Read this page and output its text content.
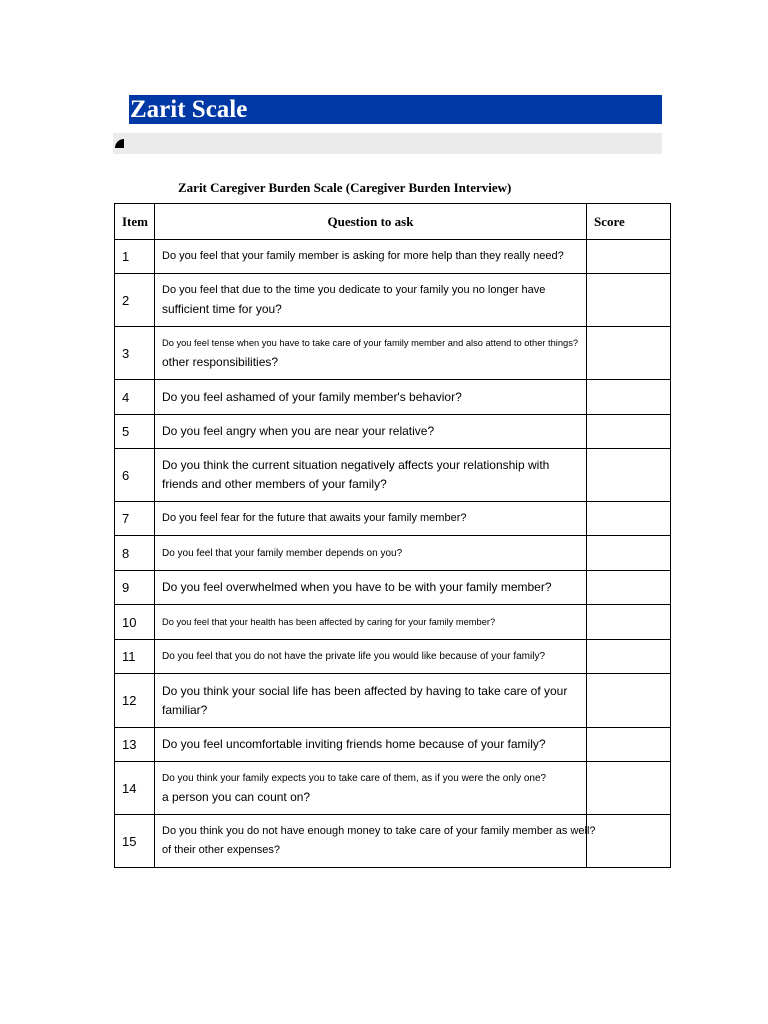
Zarit Scale
Zarit Caregiver Burden Scale (Caregiver Burden Interview)
Item	Question to ask	Score
1	Do you feel that your family member is asking for more help than they really need?	

2	Do you feel that due to the time you dedicate to your family you no longer have
sufficient time for you?	

3	Do you feel tense when you have to take care of your family member and also attend to other things?
other responsibilities?	

4	Do you feel ashamed of your family member's behavior?	

5	Do you feel angry when you are near your relative?	

6	Do you think the current situation negatively affects your relationship with
friends and other members of your family?	

7	Do you feel fear for the future that awaits your family member?	

8	Do you feel that your family member depends on you?	

9	Do you feel overwhelmed when you have to be with your family member?	

10	Do you feel that your health has been affected by caring for your family member?	

11	Do you feel that you do not have the private life you would like because of your family?	

12	Do you think your social life has been affected by having to take care of your
familiar?	

13	Do you feel uncomfortable inviting friends home because of your family?	

14	Do you think your family expects you to take care of them, as if you were the only one?
a person you can count on?	

15	Do you think you do not have enough money to take care of your family member as well?
of their other expenses?	
